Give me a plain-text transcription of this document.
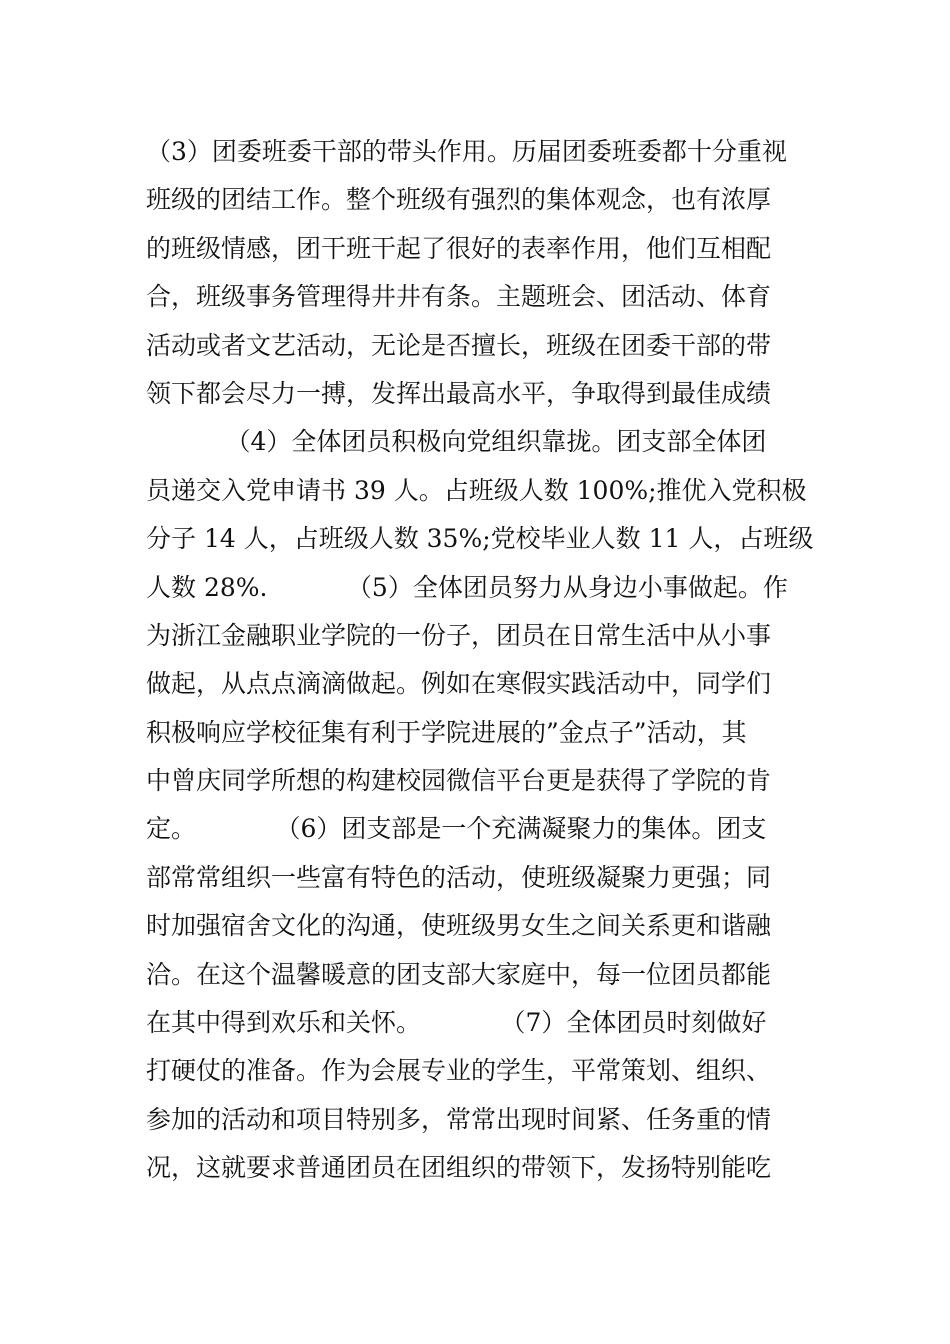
（3）团委班委干部的带头作用。历届团委班委都十分重视
班级的团结工作。整个班级有强烈的集体观念，也有浓厚
的班级情感，团干班干起了很好的表率作用，他们互相配
合，班级事务管理得井井有条。主题班会、团活动、体育
活动或者文艺活动，无论是否擅长，班级在团委干部的带
领下都会尽力一搏，发挥出最高水平，争取得到最佳成绩
（4）全体团员积极向党组织靠拢。团支部全体团
员递交入党申请书 39 人。占班级人数 100%;推优入党积极
分子 14 人，占班级人数 35%;党校毕业人数 11 人，占班级
人数 28%.          （5）全体团员努力从身边小事做起。作
为浙江金融职业学院的一份子，团员在日常生活中从小事
做起，从点点滴滴做起。例如在寒假实践活动中，同学们
积极响应学校征集有利于学院进展的”金点子”活动，其
中曾庆同学所想的构建校园微信平台更是获得了学院的肯
定。          （6）团支部是一个充满凝聚力的集体。团支
部常常组织一些富有特色的活动，使班级凝聚力更强；同
时加强宿舍文化的沟通，使班级男女生之间关系更和谐融
洽。在这个温馨暖意的团支部大家庭中，每一位团员都能
在其中得到欢乐和关怀。          （7）全体团员时刻做好
打硬仗的准备。作为会展专业的学生，平常策划、组织、
参加的活动和项目特别多，常常出现时间紧、任务重的情
况，这就要求普通团员在团组织的带领下，发扬特别能吃
